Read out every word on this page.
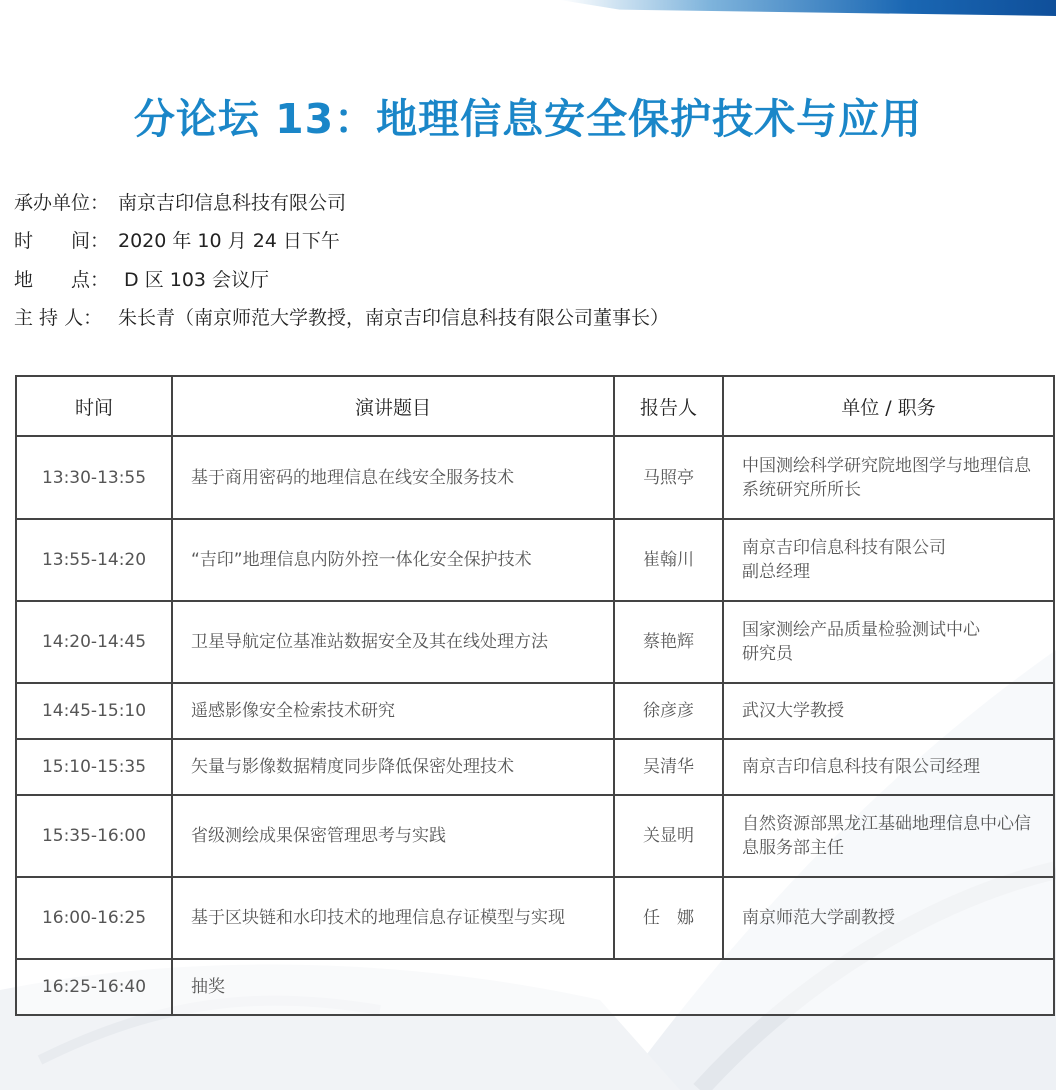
分论坛 13：地理信息安全保护技术与应用
承办单位： 南京吉印信息科技有限公司
时　　间： 2020 年 10 月 24 日下午
地　　点： D 区 103 会议厅
主 持 人： 朱长青（南京师范大学教授，南京吉印信息科技有限公司董事长）
时间	演讲题目	报告人	单位 / 职务
13:30-13:55	基于商用密码的地理信息在线安全服务技术	马照亭	中国测绘科学研究院地图学与地理信息系统研究所所长
13:55-14:20	“吉印”地理信息内防外控一体化安全保护技术	崔翰川	南京吉印信息科技有限公司
副总经理
14:20-14:45	卫星导航定位基准站数据安全及其在线处理方法	蔡艳辉	国家测绘产品质量检验测试中心
研究员
14:45-15:10	遥感影像安全检索技术研究	徐彦彦	武汉大学教授
15:10-15:35	矢量与影像数据精度同步降低保密处理技术	吴清华	南京吉印信息科技有限公司经理
15:35-16:00	省级测绘成果保密管理思考与实践	关显明	自然资源部黑龙江基础地理信息中心信息服务部主任
16:00-16:25	基于区块链和水印技术的地理信息存证模型与实现	任　娜	南京师范大学副教授
16:25-16:40	抽奖		
